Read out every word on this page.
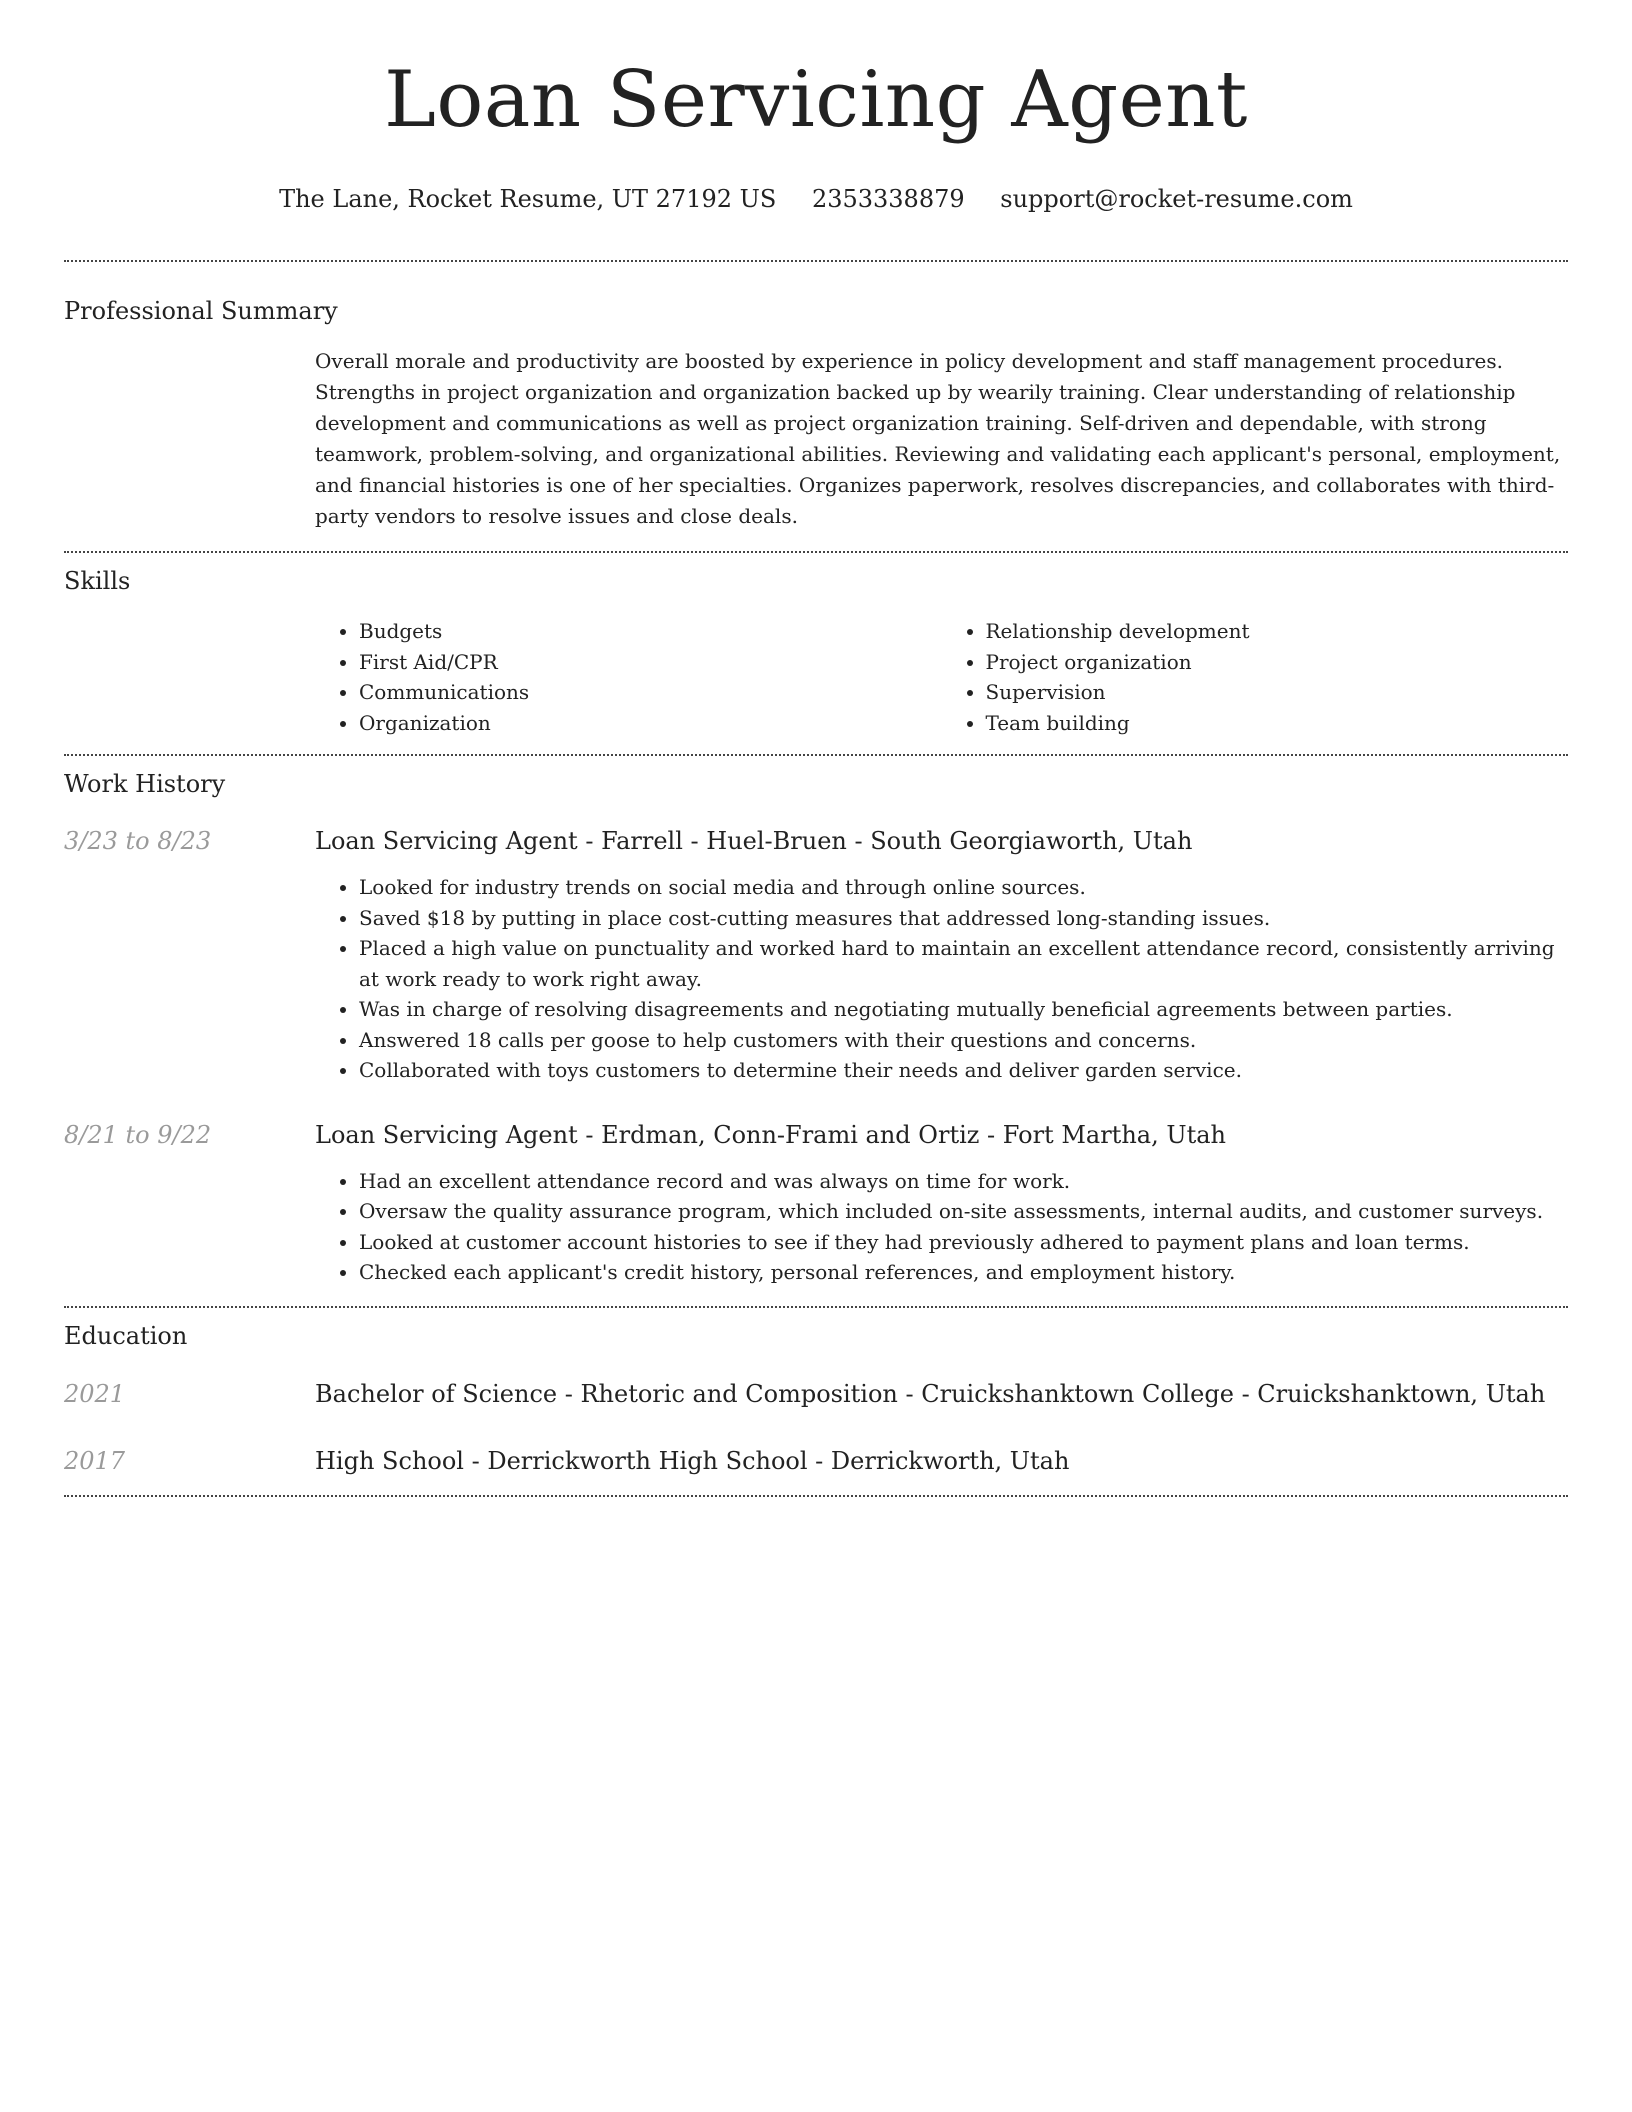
Loan Servicing Agent
The Lane, Rocket Resume, UT 27192 US 2353338879 support@rocket-resume.com
Professional Summary

Overall morale and productivity are boosted by experience in policy development and staff management procedures. Strengths in project organization and organization backed up by wearily training. Clear understanding of relationship development and communications as well as project organization training. Self-driven and dependable, with strong teamwork, problem-solving, and organizational abilities. Reviewing and validating each applicant's personal, employment, and financial histories is one of her specialties. Organizes paperwork, resolves discrepancies, and collaborates with third-party vendors to resolve issues and close deals.

Skills
• Budgets
• First Aid/CPR
• Communications
• Organization
• Relationship development
• Project organization
• Supervision
• Team building
Work History
3/23 to 8/23	Loan Servicing Agent - Farrell - Huel-Bruen - South Georgiaworth, Utah
• Looked for industry trends on social media and through online sources.
• Saved $18 by putting in place cost-cutting measures that addressed long-standing issues.
• Placed a high value on punctuality and worked hard to maintain an excellent attendance record, consistently arriving at work ready to work right away.
• Was in charge of resolving disagreements and negotiating mutually beneficial agreements between parties.
• Answered 18 calls per goose to help customers with their questions and concerns.
• Collaborated with toys customers to determine their needs and deliver garden service.
8/21 to 9/22	Loan Servicing Agent - Erdman, Conn-Frami and Ortiz - Fort Martha, Utah
• Had an excellent attendance record and was always on time for work.
• Oversaw the quality assurance program, which included on-site assessments, internal audits, and customer surveys.
• Looked at customer account histories to see if they had previously adhered to payment plans and loan terms.
• Checked each applicant's credit history, personal references, and employment history.
Education
2021	Bachelor of Science - Rhetoric and Composition - Cruickshanktown College - Cruickshanktown, Utah
2017	High School - Derrickworth High School - Derrickworth, Utah
